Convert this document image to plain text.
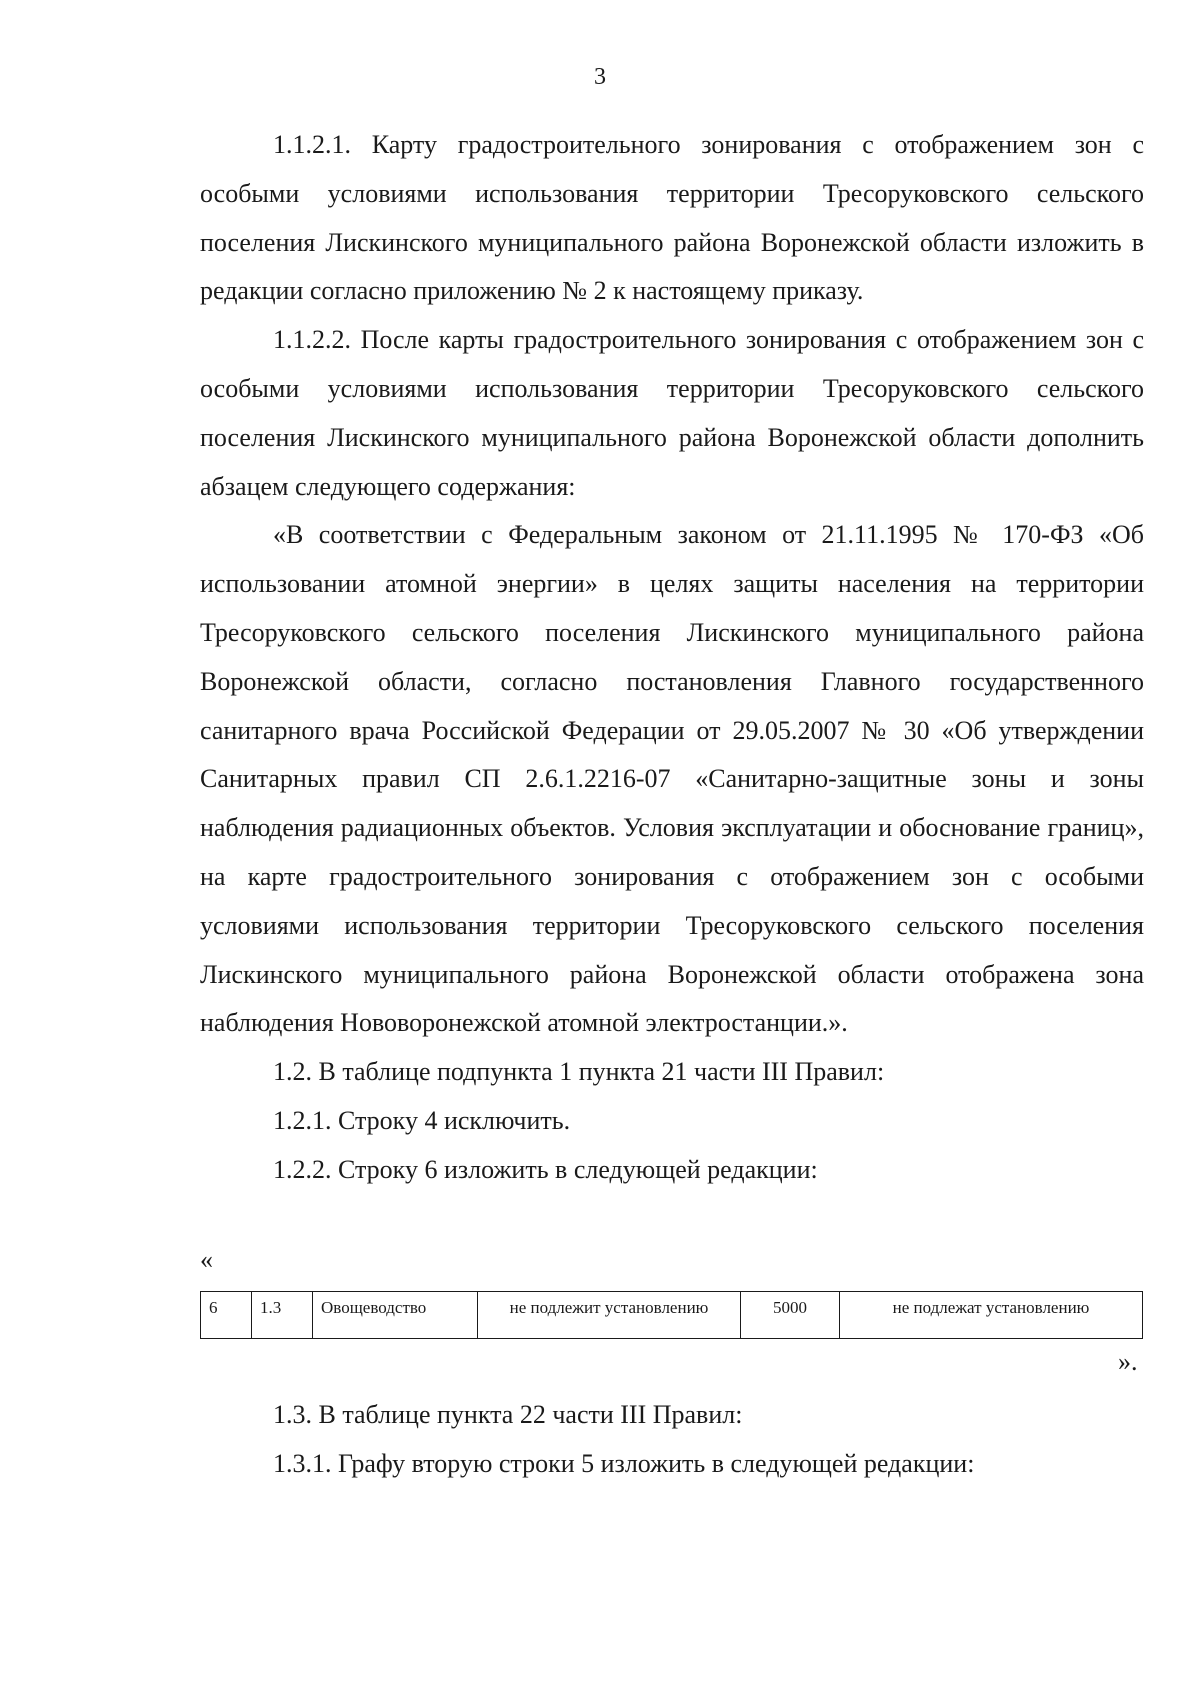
3

1.1.2.1. Карту градостроительного зонирования с отображением зон с особыми условиями использования территории Тресоруковского сельского поселения Лискинского муниципального района Воронежской области изложить в редакции согласно приложению № 2 к настоящему приказу.

1.1.2.2. После карты градостроительного зонирования с отображением зон с особыми условиями использования территории Тресоруковского сельского поселения Лискинского муниципального района Воронежской области дополнить абзацем следующего содержания:

«В соответствии с Федеральным законом от 21.11.1995 № 170-ФЗ «Об использовании атомной энергии» в целях защиты населения на территории Тресоруковского сельского поселения Лискинского муниципального района Воронежской области, согласно постановления Главного государственного санитарного врача Российской Федерации от 29.05.2007 № 30 «Об утверждении Санитарных правил СП 2.6.1.2216-07 «Санитарно-защитные зоны и зоны наблюдения радиационных объектов. Условия эксплуатации и обоснование границ», на карте градостроительного зонирования с отображением зон с особыми условиями использования территории Тресоруковского сельского поселения Лискинского муниципального района Воронежской области отображена зона наблюдения Нововоронежской атомной электростанции.».

1.2. В таблице подпункта 1 пункта 21 части III Правил:

1.2.1. Строку 4 исключить.

1.2.2. Строку 6 изложить в следующей редакции:

«
6	1.3	Овощеводство	не подлежит установлению	5000	не подлежат установлению
».

1.3. В таблице пункта 22 части III Правил:

1.3.1. Графу вторую строки 5 изложить в следующей редакции:
